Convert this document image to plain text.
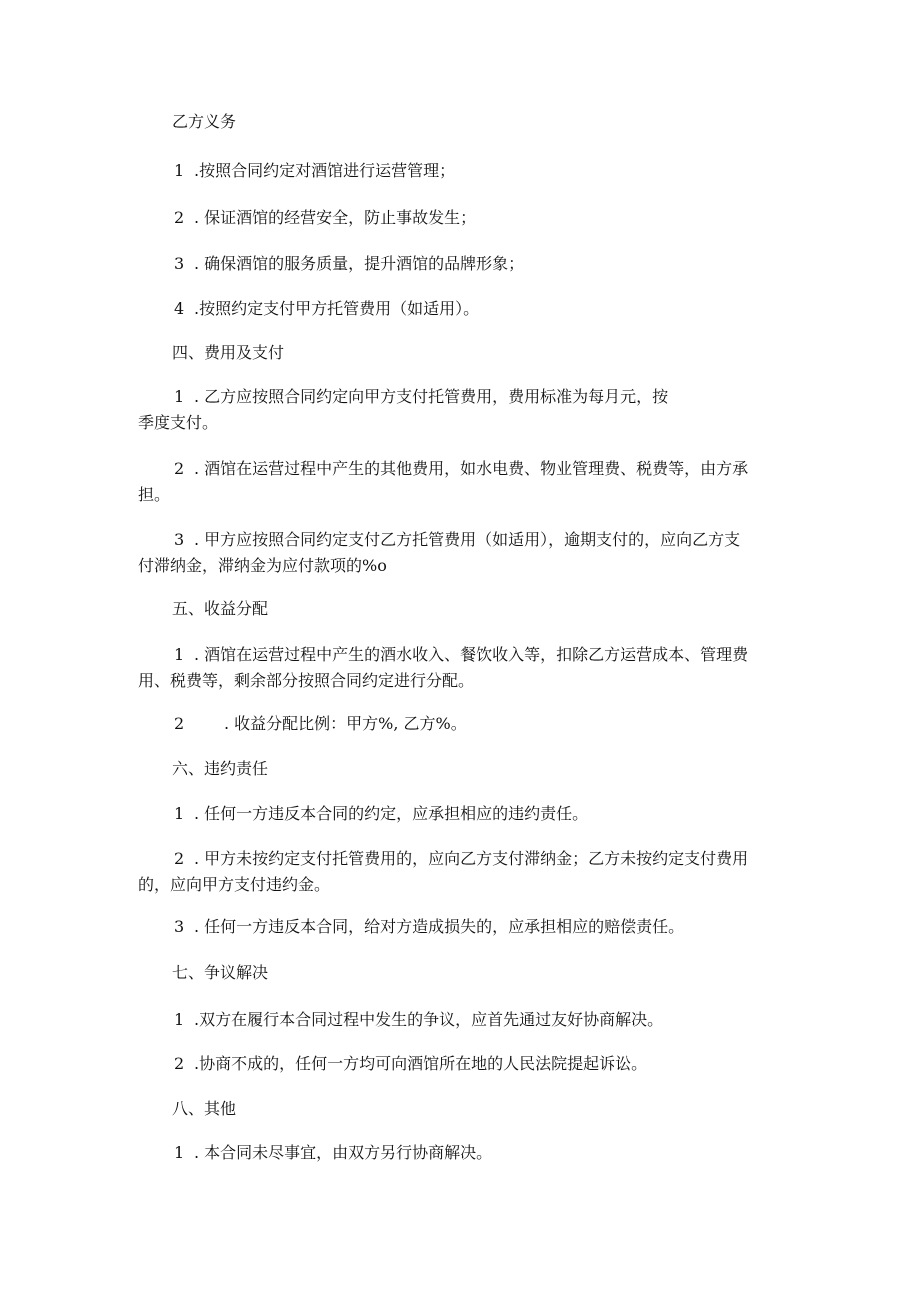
乙方义务
1 .按照合同约定对酒馆进行运营管理；
2 . 保证酒馆的经营安全，防止事故发生；
3 . 确保酒馆的服务质量，提升酒馆的品牌形象；
4 .按照约定支付甲方托管费用（如适用）。
四、费用及支付
1 . 乙方应按照合同约定向甲方支付托管费用，费用标准为每月元，按
季度支付。
2 . 酒馆在运营过程中产生的其他费用，如水电费、物业管理费、税费等，由方承
担。
3 . 甲方应按照合同约定支付乙方托管费用（如适用），逾期支付的，应向乙方支
付滞纳金，滞纳金为应付款项的%o
五、收益分配
1 . 酒馆在运营过程中产生的酒水收入、餐饮收入等，扣除乙方运营成本、管理费
用、税费等，剩余部分按照合同约定进行分配。
2 . 收益分配比例：甲方%, 乙方%。
六、违约责任
1 . 任何一方违反本合同的约定，应承担相应的违约责任。
2 . 甲方未按约定支付托管费用的，应向乙方支付滞纳金；乙方未按约定支付费用
的，应向甲方支付违约金。
3 . 任何一方违反本合同，给对方造成损失的，应承担相应的赔偿责任。
七、争议解决
1 .双方在履行本合同过程中发生的争议，应首先通过友好协商解决。
2 .协商不成的，任何一方均可向酒馆所在地的人民法院提起诉讼。
八、其他
1 . 本合同未尽事宜，由双方另行协商解决。
